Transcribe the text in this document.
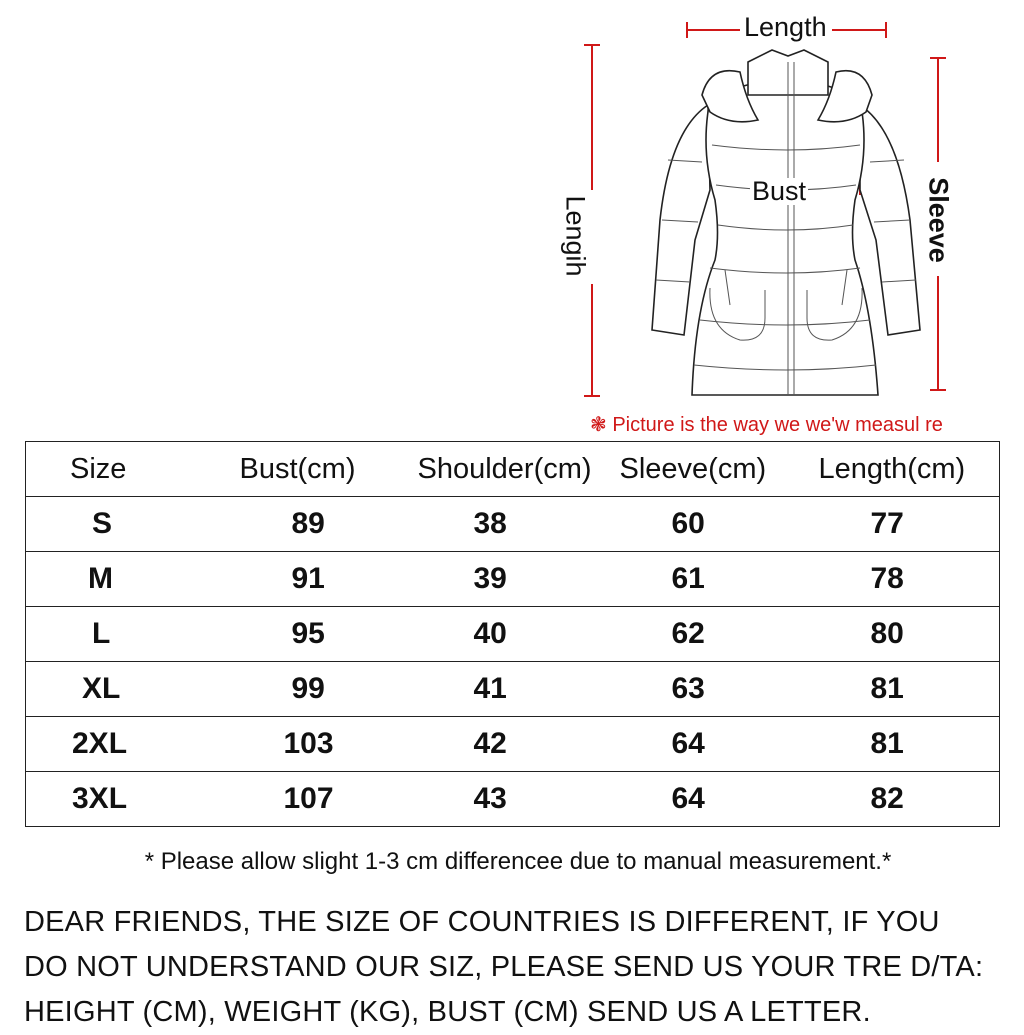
Length
Bust
Lengih	Sleeve
❃ Picture is the way we we'w measul re
Size	Bust(cm)	Shoulder(cm)	Sleeve(cm)	Length(cm)
S	89	38	60	77
M	91	39	61	78
L	95	40	62	80
XL	99	41	63	81
2XL	103	42	64	81
3XL	107	43	64	82
* Please allow slight 1-3 cm differencee due to manual measurement.*
DEAR FRIENDS, THE SIZE OF COUNTRIES IS DIFFERENT, IF YOU
DO NOT UNDERSTAND OUR SIZ, PLEASE SEND US YOUR TRE D/TA:
HEIGHT (CM), WEIGHT (KG), BUST (CM) SEND US A LETTER.
